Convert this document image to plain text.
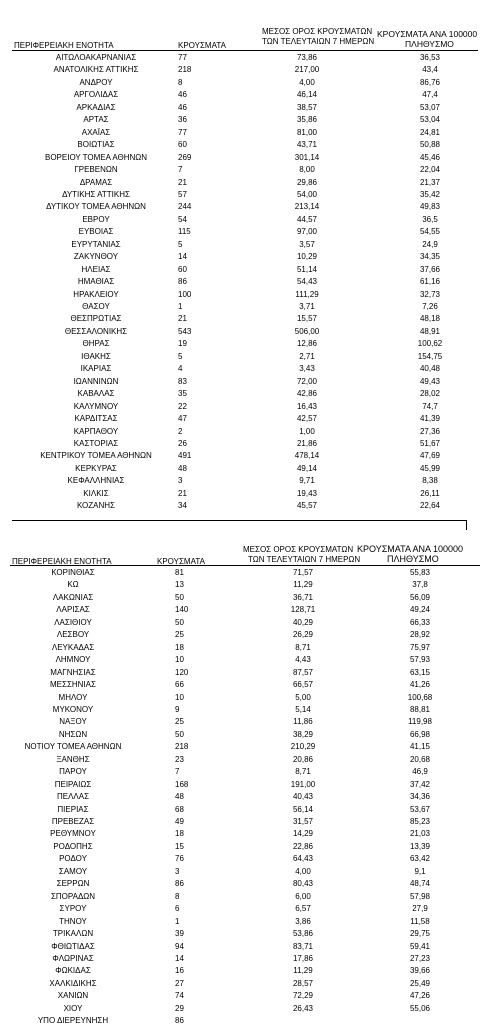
ΠΕΡΙΦΕΡΕΙΑΚΗ ΕΝΟΤΗΤΑ	ΚΡΟΥΣΜΑΤΑ
ΜΕΣΟΣ ΟΡΟΣ ΚΡΟΥΣΜΑΤΩΝ
ΤΩΝ ΤΕΛΕΥΤΑΙΩΝ 7 ΗΜΕΡΩΝ
ΚΡΟΥΣΜΑΤΑ ΑΝΑ 100000
ΠΛΗΘΥΣΜΟ
ΑΙΤΩΛΟΑΚΑΡΝΑΝΙΑΣ	77	73,86	36,53
ΑΝΑΤΟΛΙΚΗΣ ΑΤΤΙΚΗΣ	218	217,00	43,4
ΑΝΔΡΟΥ	8	4,00	86,76
ΑΡΓΟΛΙΔΑΣ	46	46,14	47,4
ΑΡΚΑΔΙΑΣ	46	38,57	53,07
ΑΡΤΑΣ	36	35,86	53,04
ΑΧΑΪΑΣ	77	81,00	24,81
ΒΟΙΩΤΙΑΣ	60	43,71	50,88
ΒΟΡΕΙΟΥ ΤΟΜΕΑ ΑΘΗΝΩΝ	269	301,14	45,46
ΓΡΕΒΕΝΩΝ	7	8,00	22,04
ΔΡΑΜΑΣ	21	29,86	21,37
ΔΥΤΙΚΗΣ ΑΤΤΙΚΗΣ	57	54,00	35,42
ΔΥΤΙΚΟΥ ΤΟΜΕΑ ΑΘΗΝΩΝ	244	213,14	49,83
ΕΒΡΟΥ	54	44,57	36,5
ΕΥΒΟΙΑΣ	115	97,00	54,55
ΕΥΡΥΤΑΝΙΑΣ	5	3,57	24,9
ΖΑΚΥΝΘΟΥ	14	10,29	34,35
ΗΛΕΙΑΣ	60	51,14	37,66
ΗΜΑΘΙΑΣ	86	54,43	61,16
ΗΡΑΚΛΕΙΟΥ	100	111,29	32,73
ΘΑΣΟΥ	1	3,71	7,26
ΘΕΣΠΡΩΤΙΑΣ	21	15,57	48,18
ΘΕΣΣΑΛΟΝΙΚΗΣ	543	506,00	48,91
ΘΗΡΑΣ	19	12,86	100,62
ΙΘΑΚΗΣ	5	2,71	154,75
ΙΚΑΡΙΑΣ	4	3,43	40,48
ΙΩΑΝΝΙΝΩΝ	83	72,00	49,43
ΚΑΒΑΛΑΣ	35	42,86	28,02
ΚΑΛΥΜΝΟΥ	22	16,43	74,7
ΚΑΡΔΙΤΣΑΣ	47	42,57	41,39
ΚΑΡΠΑΘΟΥ	2	1,00	27,36
ΚΑΣΤΟΡΙΑΣ	26	21,86	51,67
ΚΕΝΤΡΙΚΟΥ ΤΟΜΕΑ ΑΘΗΝΩΝ	491	478,14	47,69
ΚΕΡΚΥΡΑΣ	48	49,14	45,99
ΚΕΦΑΛΛΗΝΙΑΣ	3	9,71	8,38
ΚΙΛΚΙΣ	21	19,43	26,11
ΚΟΖΑΝΗΣ	34	45,57	22,64
ΠΕΡΙΦΕΡΕΙΑΚΗ ΕΝΟΤΗΤΑ	ΚΡΟΥΣΜΑΤΑ
ΜΕΣΟΣ ΟΡΟΣ ΚΡΟΥΣΜΑΤΩΝ
ΤΩΝ ΤΕΛΕΥΤΑΙΩΝ 7 ΗΜΕΡΩΝ
ΚΡΟΥΣΜΑΤΑ ΑΝΑ 100000
ΠΛΗΘΥΣΜΟ
ΚΟΡΙΝΘΙΑΣ	81	71,57	55,83
ΚΩ	13	11,29	37,8
ΛΑΚΩΝΙΑΣ	50	36,71	56,09
ΛΑΡΙΣΑΣ	140	128,71	49,24
ΛΑΣΙΘΙΟΥ	50	40,29	66,33
ΛΕΣΒΟΥ	25	26,29	28,92
ΛΕΥΚΑΔΑΣ	18	8,71	75,97
ΛΗΜΝΟΥ	10	4,43	57,93
ΜΑΓΝΗΣΙΑΣ	120	87,57	63,15
ΜΕΣΣΗΝΙΑΣ	66	66,57	41,26
ΜΗΛΟΥ	10	5,00	100,68
ΜΥΚΟΝΟΥ	9	5,14	88,81
ΝΑΞΟΥ	25	11,86	119,98
ΝΗΣΩΝ	50	38,29	66,98
ΝΟΤΙΟΥ ΤΟΜΕΑ ΑΘΗΝΩΝ	218	210,29	41,15
ΞΑΝΘΗΣ	23	20,86	20,68
ΠΑΡΟΥ	7	8,71	46,9
ΠΕΙΡΑΙΩΣ	168	191,00	37,42
ΠΕΛΛΑΣ	48	40,43	34,36
ΠΙΕΡΙΑΣ	68	56,14	53,67
ΠΡΕΒΕΖΑΣ	49	31,57	85,23
ΡΕΘΥΜΝΟΥ	18	14,29	21,03
ΡΟΔΟΠΗΣ	15	22,86	13,39
ΡΟΔΟΥ	76	64,43	63,42
ΣΑΜΟΥ	3	4,00	9,1
ΣΕΡΡΩΝ	86	80,43	48,74
ΣΠΟΡΑΔΩΝ	8	6,00	57,98
ΣΥΡΟΥ	6	6,57	27,9
ΤΗΝΟΥ	1	3,86	11,58
ΤΡΙΚΑΛΩΝ	39	53,86	29,75
ΦΘΙΩΤΙΔΑΣ	94	83,71	59,41
ΦΛΩΡΙΝΑΣ	14	17,86	27,23
ΦΩΚΙΔΑΣ	16	11,29	39,66
ΧΑΛΚΙΔΙΚΗΣ	27	28,57	25,49
ΧΑΝΙΩΝ	74	72,29	47,26
ΧΙΟΥ	29	26,43	55,06
ΥΠΟ ΔΙΕΡΕΥΝΗΣΗ	86
